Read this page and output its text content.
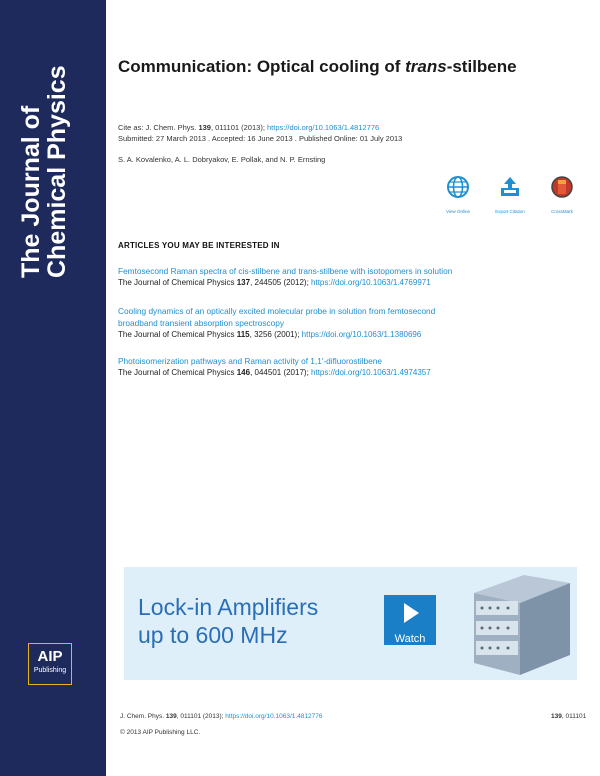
The Journal of
Chemical Physics
AIP
Publishing
Communication: Optical cooling of trans-stilbene
Cite as: J. Chem. Phys. 139, 011101 (2013); https://doi.org/10.1063/1.4812776
Submitted: 27 March 2013 . Accepted: 16 June 2013 . Published Online: 01 July 2013
S. A. Kovalenko, A. L. Dobryakov, E. Pollak, and N. P. Ernsting
View Online	Export Citation	CrossMark
ARTICLES YOU MAY BE INTERESTED IN
Femtosecond Raman spectra of cis-stilbene and trans-stilbene with isotopomers in solution
The Journal of Chemical Physics 137, 244505 (2012); https://doi.org/10.1063/1.4769971
Cooling dynamics of an optically excited molecular probe in solution from femtosecond
broadband transient absorption spectroscopy
The Journal of Chemical Physics 115, 3256 (2001); https://doi.org/10.1063/1.1380696
Photoisomerization pathways and Raman activity of 1,1′-difluorostilbene
The Journal of Chemical Physics 146, 044501 (2017); https://doi.org/10.1063/1.4974357
Lock-in Amplifiers
up to 600 MHz	Watch
J. Chem. Phys. 139, 011101 (2013); https://doi.org/10.1063/1.4812776	139, 011101
© 2013 AIP Publishing LLC.
